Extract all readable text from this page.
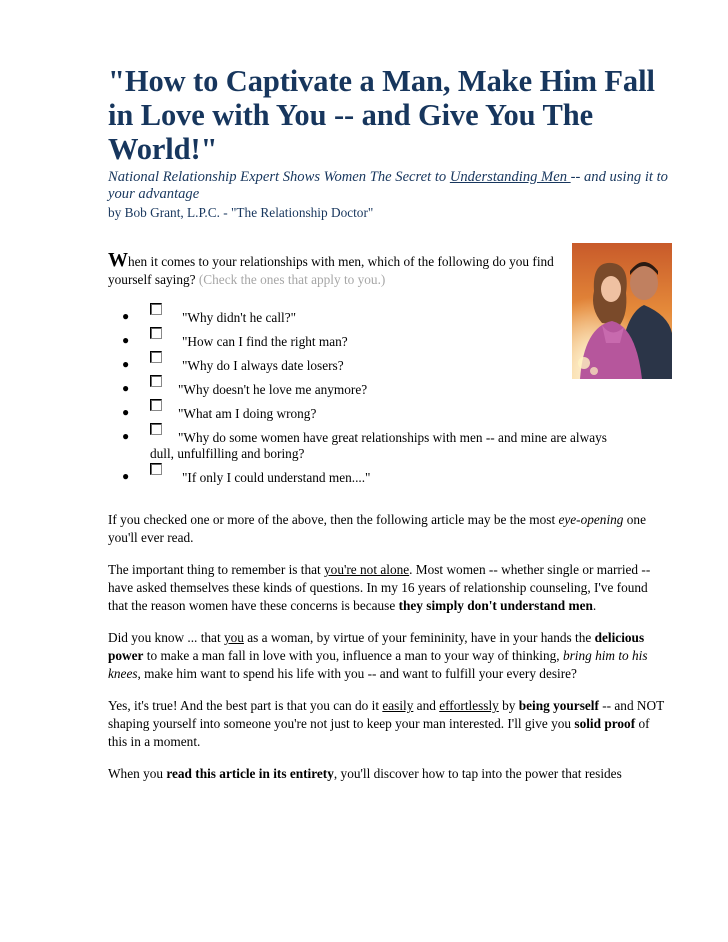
"How to Captivate a Man, Make Him Fall in Love with You -- and Give You The World!"

National Relationship Expert Shows Women The Secret to Understanding Men -- and using it to your advantage

by Bob Grant, L.P.C. - "The Relationship Doctor"

When it comes to your relationships with men, which of the following do you find yourself saying? (Check the ones that apply to you.)

●	"Why didn't he call?"
●	"How can I find the right man?
●	"Why do I always date losers?
●	"Why doesn't he love me anymore?
●	"What am I doing wrong?
●	"Why do some women have great relationships with men -- and mine are always
dull, unfulfilling and boring?
●	"If only I could understand men...."

If you checked one or more of the above, then the following article may be the most eye-opening one you'll ever read.

The important thing to remember is that you're not alone. Most women -- whether single or married -- have asked themselves these kinds of questions. In my 16 years of relationship counseling, I've found that the reason women have these concerns is because they simply don't understand men.

Did you know ... that you as a woman, by virtue of your femininity, have in your hands the delicious power to make a man fall in love with you, influence a man to your way of thinking, bring him to his knees, make him want to spend his life with you -- and want to fulfill your every desire?

Yes, it's true! And the best part is that you can do it easily and effortlessly by being yourself -- and NOT shaping yourself into someone you're not just to keep your man interested. I'll give you solid proof of this in a moment.

When you read this article in its entirety, you'll discover how to tap into the power that resides
